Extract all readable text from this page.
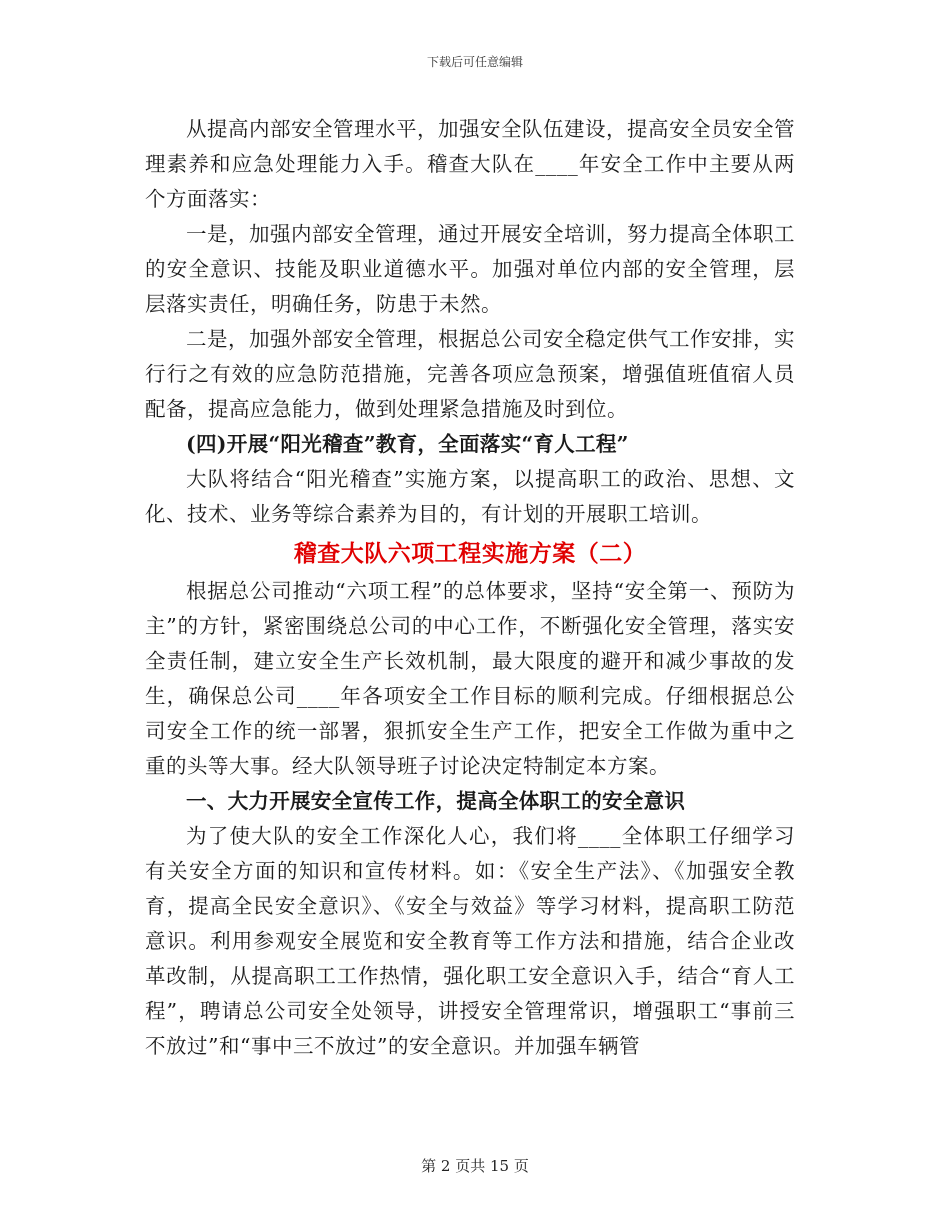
下载后可任意编辑

从提高内部安全管理水平，加强安全队伍建设，提高安全员安全管理素养和应急处理能力入手。稽查大队在____年安全工作中主要从两个方面落实：

一是，加强内部安全管理，通过开展安全培训，努力提高全体职工的安全意识、技能及职业道德水平。加强对单位内部的安全管理，层层落实责任，明确任务，防患于未然。

二是，加强外部安全管理，根据总公司安全稳定供气工作安排，实行行之有效的应急防范措施，完善各项应急预案，增强值班值宿人员配备，提高应急能力，做到处理紧急措施及时到位。

(四)开展“阳光稽查”教育，全面落实“育人工程”

大队将结合“阳光稽查”实施方案，以提高职工的政治、思想、文化、技术、业务等综合素养为目的，有计划的开展职工培训。

稽查大队六项工程实施方案（二）

根据总公司推动“六项工程”的总体要求，坚持“安全第一、预防为主”的方针，紧密围绕总公司的中心工作，不断强化安全管理，落实安全责任制，建立安全生产长效机制，最大限度的避开和减少事故的发生，确保总公司____年各项安全工作目标的顺利完成。仔细根据总公司安全工作的统一部署，狠抓安全生产工作，把安全工作做为重中之重的头等大事。经大队领导班子讨论决定特制定本方案。

一、大力开展安全宣传工作，提高全体职工的安全意识

为了使大队的安全工作深化人心，我们将____全体职工仔细学习有关安全方面的知识和宣传材料。如：《安全生产法》、《加强安全教育，提高全民安全意识》、《安全与效益》等学习材料，提高职工防范意识。利用参观安全展览和安全教育等工作方法和措施，结合企业改革改制，从提高职工工作热情，强化职工安全意识入手，结合“育人工程”，聘请总公司安全处领导，讲授安全管理常识，增强职工“事前三不放过”和“事中三不放过”的安全意识。并加强车辆管

第 2 页共 15 页
